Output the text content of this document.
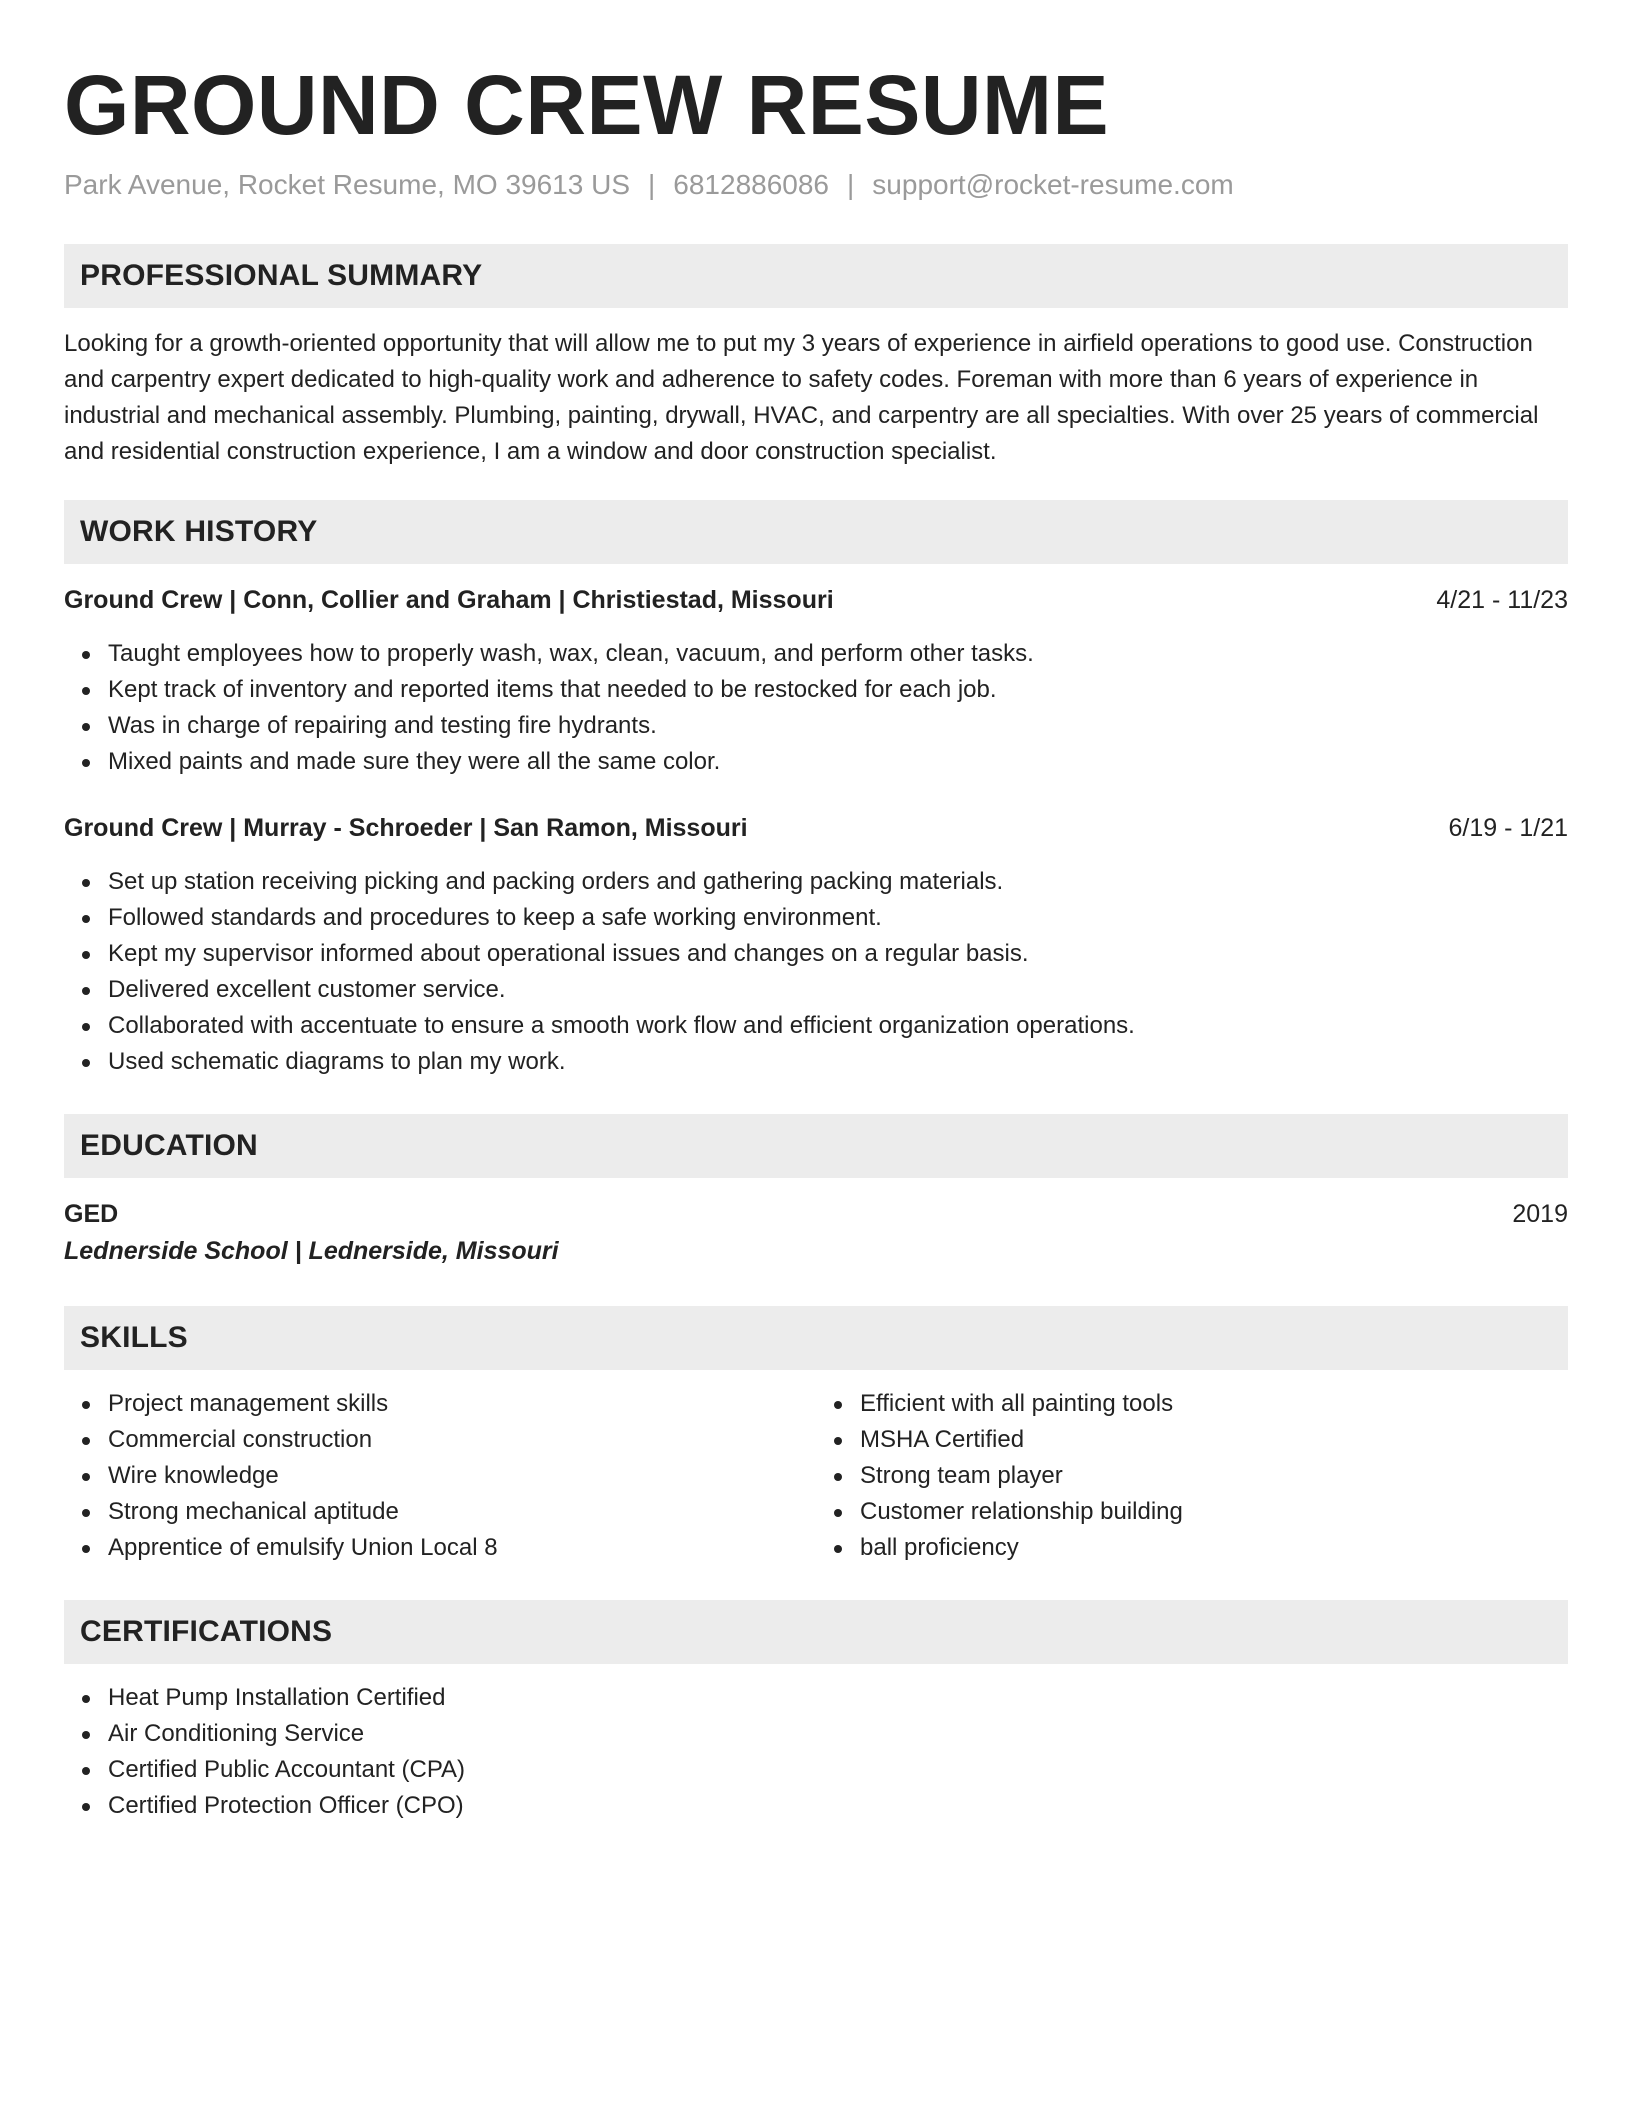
GROUND CREW RESUME
Park Avenue, Rocket Resume, MO 39613 US | 6812886086 | support@rocket-resume.com
PROFESSIONAL SUMMARY

Looking for a growth-oriented opportunity that will allow me to put my 3 years of experience in airfield operations to good use. Construction and carpentry expert dedicated to high-quality work and adherence to safety codes. Foreman with more than 6 years of experience in industrial and mechanical assembly. Plumbing, painting, drywall, HVAC, and carpentry are all specialties. With over 25 years of commercial and residential construction experience, I am a window and door construction specialist.

WORK HISTORY
Ground Crew | Conn, Collier and Graham | Christiestad, Missouri	4/21 - 11/23
Taught employees how to properly wash, wax, clean, vacuum, and perform other tasks.
Kept track of inventory and reported items that needed to be restocked for each job.
Was in charge of repairing and testing fire hydrants.
Mixed paints and made sure they were all the same color.
Ground Crew | Murray - Schroeder | San Ramon, Missouri	6/19 - 1/21
Set up station receiving picking and packing orders and gathering packing materials.
Followed standards and procedures to keep a safe working environment.
Kept my supervisor informed about operational issues and changes on a regular basis.
Delivered excellent customer service.
Collaborated with accentuate to ensure a smooth work flow and efficient organization operations.
Used schematic diagrams to plan my work.
EDUCATION
GED	2019
Lednerside School | Lednerside, Missouri
SKILLS
Project management skills
Commercial construction
Wire knowledge
Strong mechanical aptitude
Apprentice of emulsify Union Local 8
Efficient with all painting tools
MSHA Certified
Strong team player
Customer relationship building
ball proficiency
CERTIFICATIONS
Heat Pump Installation Certified
Air Conditioning Service
Certified Public Accountant (CPA)
Certified Protection Officer (CPO)
